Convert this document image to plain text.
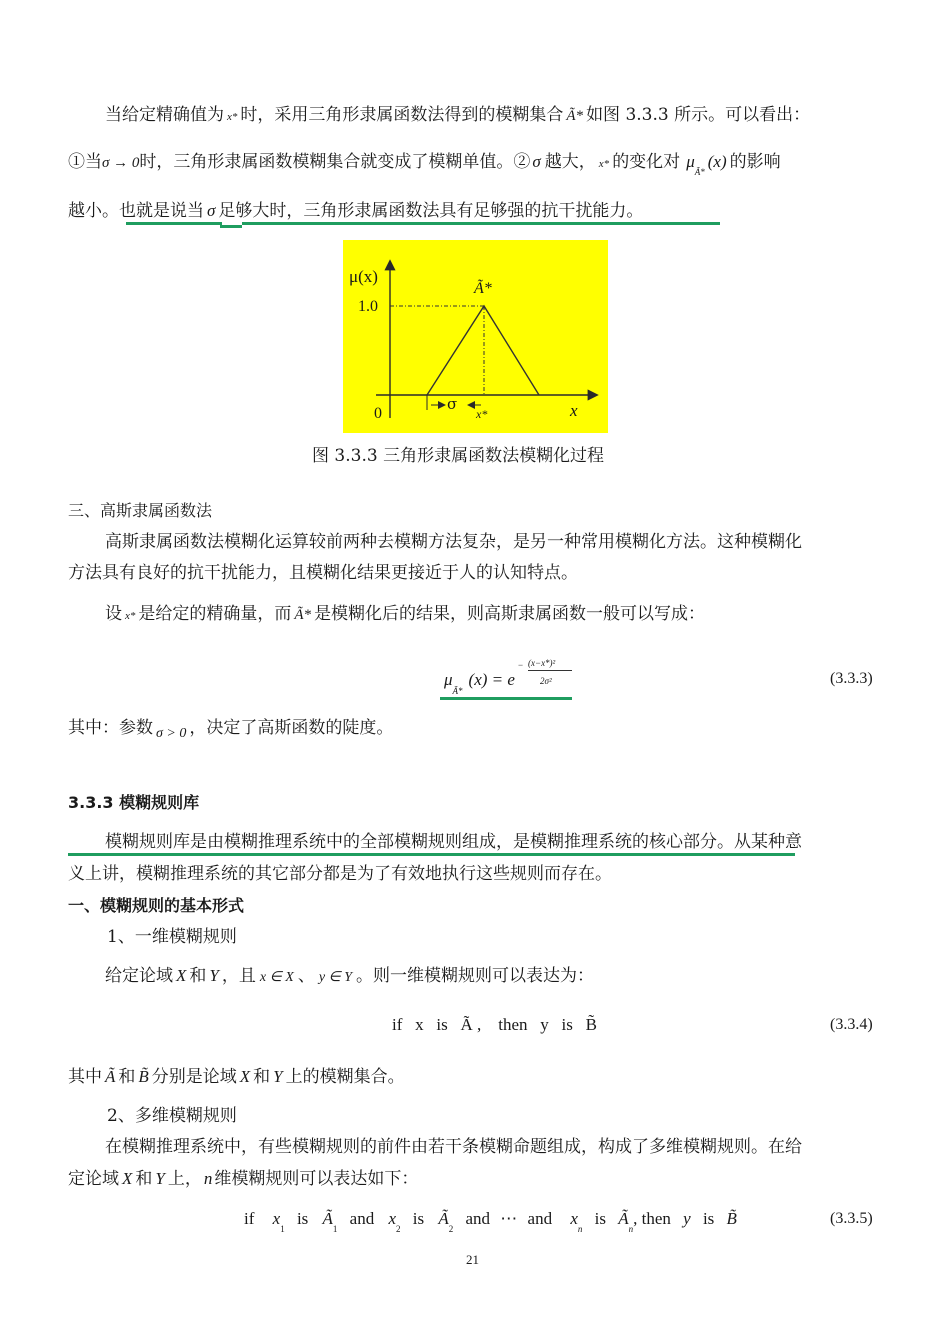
当给定精确值为 x* 时，采用三角形隶属函数法得到的模糊集合 Ã* 如图 3.3.3 所示。可以看出：
①当σ → 0时，三角形隶属函数模糊集合就变成了模糊单值。② σ 越大， x* 的变化对 $\mu_{Ã*}(x)$ 的影响
越小。也就是说当 σ 足够大时，三角形隶属函数法具有足够强的抗干扰能力。
μ(x)
1.0
Ã*
0
σ
x*	x
图 3.3.3 三角形隶属函数法模糊化过程
三、高斯隶属函数法
高斯隶属函数法模糊化运算较前两种去模糊方法复杂，是另一种常用模糊化方法。这种模糊化
方法具有良好的抗干扰能力，且模糊化结果更接近于人的认知特点。
设x* 是给定的精确量，而 Ã* 是模糊化后的结果，则高斯隶属函数一般可以写成：
$\mu_{Ã*}(x) = e$
− (x−x*)²
2σ²	(3.3.3)
其中：参数 $_{\sigma > 0}$ ，决定了高斯函数的陡度。
3.3.3 模糊规则库
模糊规则库是由模糊推理系统中的全部模糊规则组成，是模糊推理系统的核心部分。从某种意
义上讲，模糊推理系统的其它部分都是为了有效地执行这些规则而存在。
一、模糊规则的基本形式
1、一维模糊规则
给定论域 X 和 Y ，且 x ∈ X 、 y ∈ Y 。则一维模糊规则可以表达为：
if   x   is   Ã ,    then   y   is   B̃	(3.3.4)
其中 Ã 和 B̃ 分别是论域 X 和 Y 上的模糊集合。
2、多维模糊规则
在模糊推理系统中，有些模糊规则的前件由若干条模糊命题组成，构成了多维模糊规则。在给
定论域 X 和 Y 上， n 维模糊规则可以表达如下：
if $x_1$ is $Ã_1$ and $x_2$ is $Ã_2$ and ⋯ and $x_n$ is $Ã_n$, then y is B̃	(3.3.5)
21
